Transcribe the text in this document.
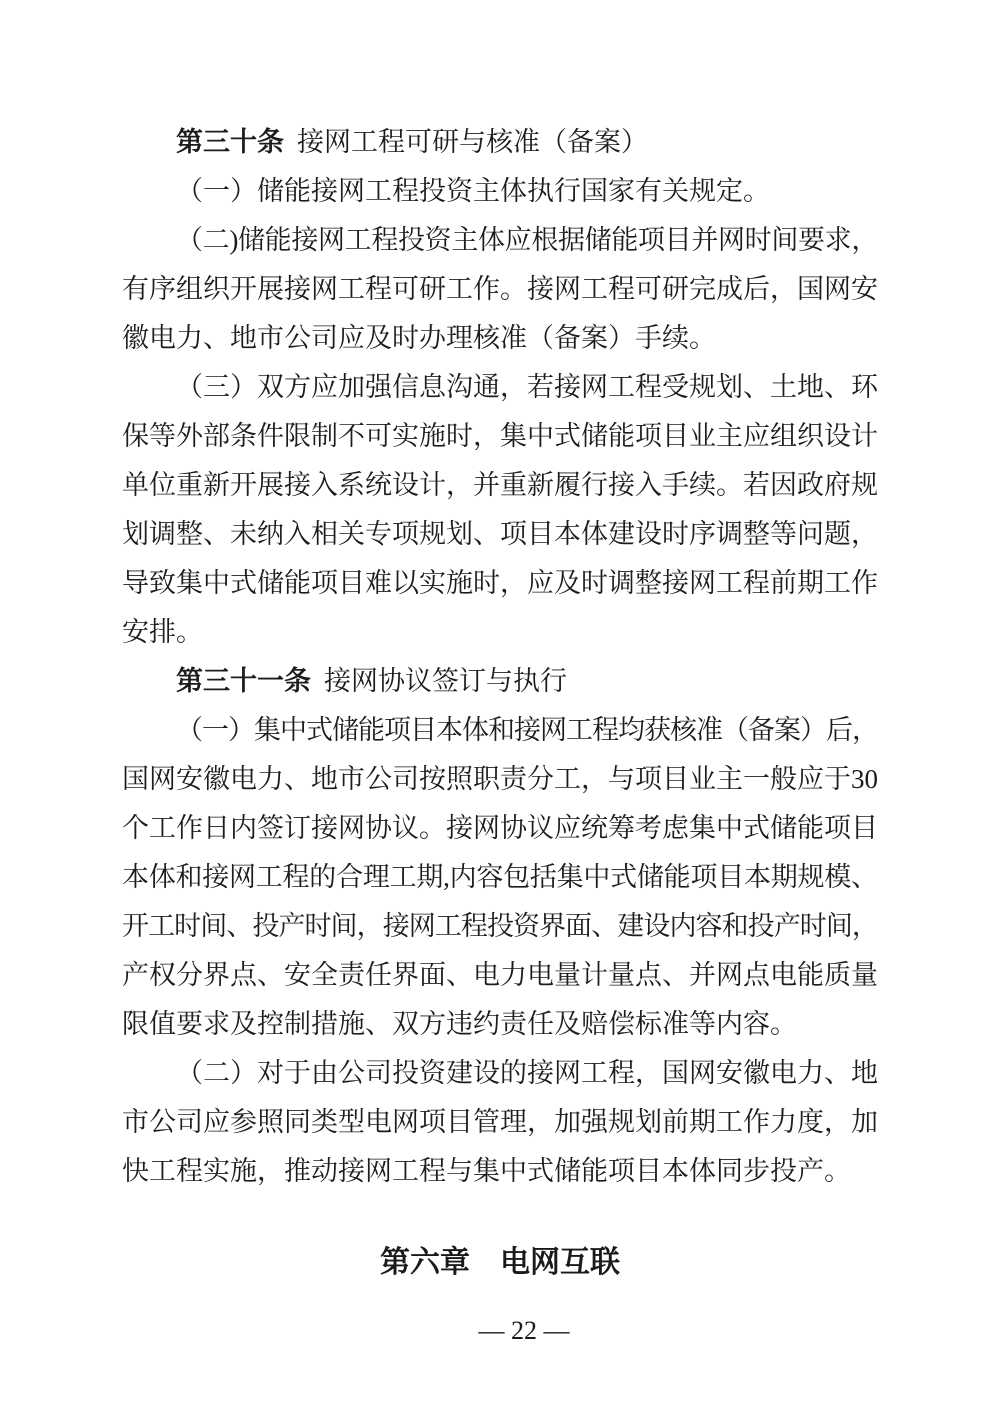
第三十条 接网工程可研与核准（备案）
（一）储能接网工程投资主体执行国家有关规定。
（二)储能接网工程投资主体应根据储能项目并网时间要求，
有序组织开展接网工程可研工作。接网工程可研完成后，国网安
徽电力、地市公司应及时办理核准（备案）手续。
（三）双方应加强信息沟通，若接网工程受规划、土地、环
保等外部条件限制不可实施时，集中式储能项目业主应组织设计
单位重新开展接入系统设计，并重新履行接入手续。若因政府规
划调整、未纳入相关专项规划、项目本体建设时序调整等问题，
导致集中式储能项目难以实施时，应及时调整接网工程前期工作
安排。
第三十一条 接网协议签订与执行
（一）集中式储能项目本体和接网工程均获核准（备案）后，
国网安徽电力、地市公司按照职责分工，与项目业主一般应于30
个工作日内签订接网协议。接网协议应统筹考虑集中式储能项目
本体和接网工程的合理工期,内容包括集中式储能项目本期规模、
开工时间、投产时间，接网工程投资界面、建设内容和投产时间，
产权分界点、安全责任界面、电力电量计量点、并网点电能质量
限值要求及控制措施、双方违约责任及赔偿标准等内容。
（二）对于由公司投资建设的接网工程，国网安徽电力、地
市公司应参照同类型电网项目管理，加强规划前期工作力度，加
快工程实施，推动接网工程与集中式储能项目本体同步投产。
第六章　电网互联
— 22 —
